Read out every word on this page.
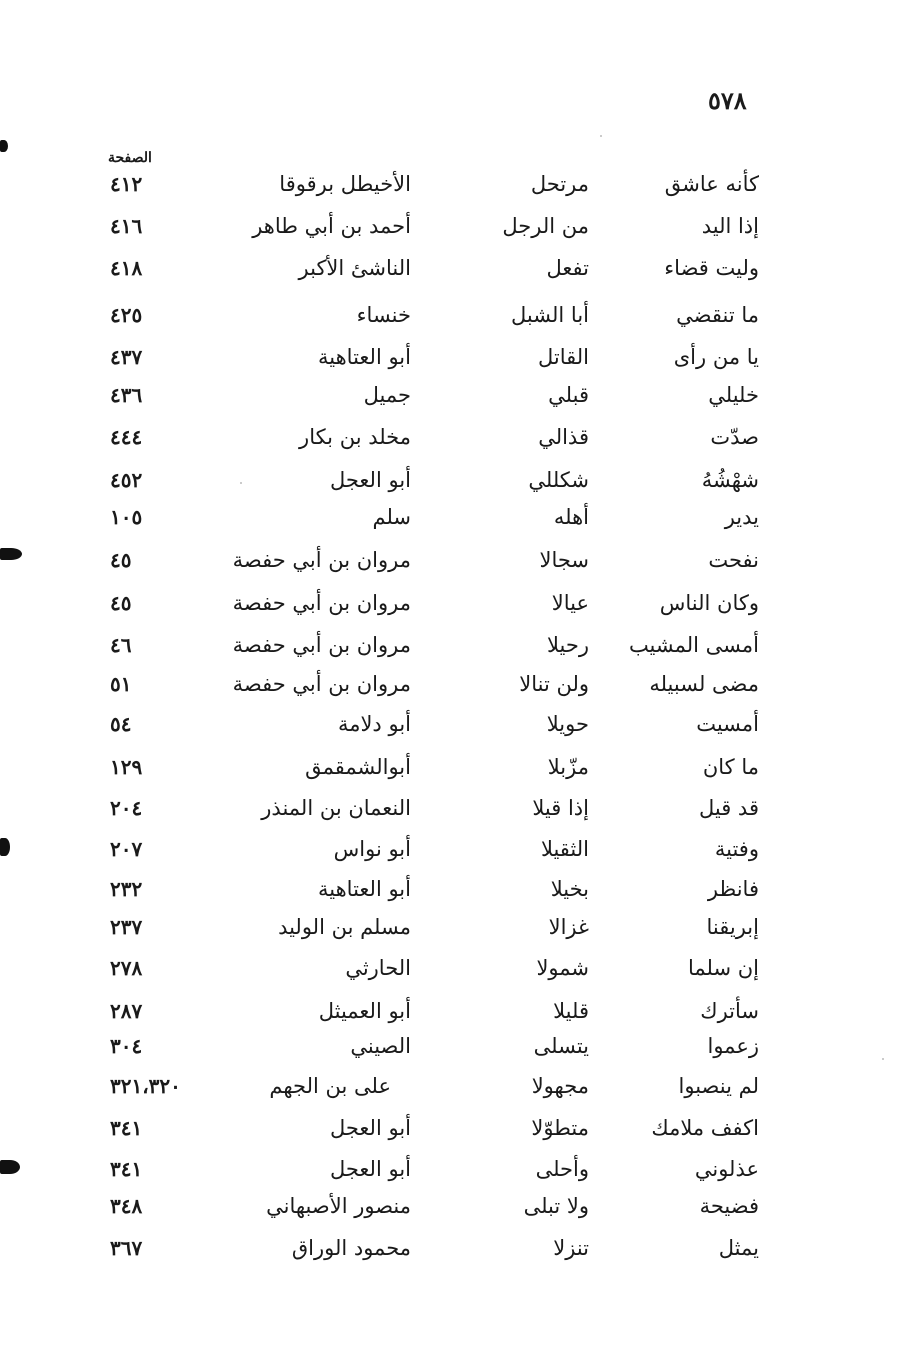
٥٧٨
الصفحة
كأنه عاشق
مرتحل
الأخيطل برقوقا
٤١٢
إذا اليد
من الرجل
أحمد بن أبي طاهر
٤١٦
وليت قضاء
تفعل
الناشئ الأكبر
٤١٨
ما تنقضي
أبا الشبل
خنساء
٤٢٥
يا من رأى
القاتل
أبو العتاهية
٤٣٧
خليلي
قبلي
جميل
٤٣٦
صدّت
قذالي
مخلد بن بكار
٤٤٤
شهْشُهُ
شكللي
أبو العجل
٤٥٢
يدير
أهله
سلم
١٠٥
نفحت
سجالا
مروان بن أبي حفصة
٤٥
وكان الناس
عيالا
مروان بن أبي حفصة
٤٥
أمسى المشيب
رحيلا
مروان بن أبي حفصة
٤٦
مضى لسبيله
ولن تنالا
مروان بن أبي حفصة
٥١
أمسيت
حويلا
أبو دلامة
٥٤
ما كان
مزّبلا
أبوالشمقمق
١٢٩
قد قيل
إذا قيلا
النعمان بن المنذر
٢٠٤
وفتية
الثقيلا
أبو نواس
٢٠٧
فانظر
بخيلا
أبو العتاهية
٢٣٢
إبريقنا
غزالا
مسلم بن الوليد
٢٣٧
إن سلما
شمولا
الحارثي
٢٧٨
سأترك
قليلا
أبو العميثل
٢٨٧
زعموا
يتسلى
الصيني
٣٠٤
لم ينصبوا
مجهولا
على بن الجهم
٣٢١،٣٢٠
اكفف ملامك
متطوّلا
أبو العجل
٣٤١
عذلوني
وأحلى
أبو العجل
٣٤١
فضيحة
ولا تبلى
منصور الأصبهاني
٣٤٨
يمثل
تنزلا
محمود الوراق
٣٦٧
